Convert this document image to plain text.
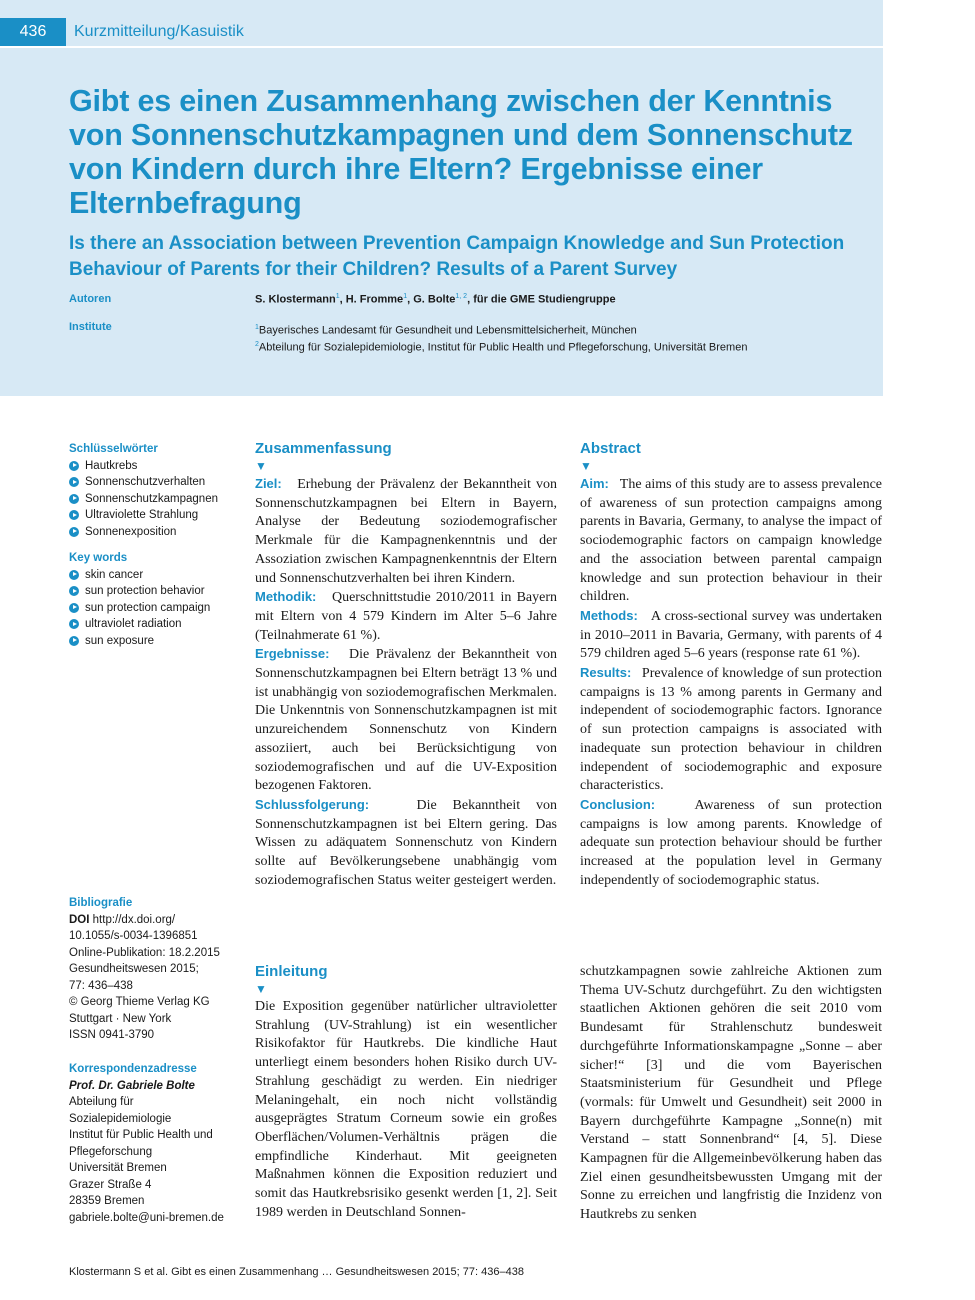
436	Kurzmitteilung/Kasuistik
Gibt es einen Zusammenhang zwischen der Kenntnis von Sonnenschutzkampagnen und dem Sonnenschutz von Kindern durch ihre Eltern? Ergebnisse einer Elternbefragung
Is there an Association between Prevention Campaign Knowledge and Sun Protection Behaviour of Parents for their Children? Results of a Parent Survey
Autoren	S. Klostermann$^1$, H. Fromme$^1$, G. Bolte$^{1, 2}$, für die GME Studiengruppe
Institute	$^1$Bayerisches Landesamt für Gesundheit und Lebensmittelsicherheit, München
$^2$Abteilung für Sozialepidemiologie, Institut für Public Health und Pflegeforschung, Universität Bremen

Schlüsselwörter

Hautkrebs
Sonnenschutzverhalten
Sonnenschutzkampagnen
Ultraviolette Strahlung
Sonnenexposition

Key words

skin cancer
sun protection behavior
sun protection campaign
ultraviolet radiation
sun exposure
Bibliografie
DOI http://dx.doi.org/
10.1055/s-0034-1396851
Online-Publikation: 18.2.2015
Gesundheitswesen 2015;
77: 436–438
© Georg Thieme Verlag KG
Stuttgart · New York
ISSN 0941-3790
Korrespondenzadresse
Prof. Dr. Gabriele Bolte
Abteilung für
Sozialepidemiologie
Institut für Public Health und
Pflegeforschung
Universität Bremen
Grazer Straße 4
28359 Bremen
gabriele.bolte@uni-bremen.de
Zusammenfassung
▼

Ziel: Erhebung der Prävalenz der Bekanntheit von Sonnenschutzkampagnen bei Eltern in Bayern, Analyse der Bedeutung soziodemografischer Merkmale für die Kampagnenkenntnis und der Assoziation zwischen Kampagnenkenntnis der Eltern und Sonnenschutzverhalten bei ihren Kindern.

Methodik: Querschnittstudie 2010/2011 in Bayern mit Eltern von 4 579 Kindern im Alter 5–6 Jahre (Teilnahmerate 61 %).

Ergebnisse: Die Prävalenz der Bekanntheit von Sonnenschutzkampagnen bei Eltern beträgt 13 % und ist unabhängig von soziodemografischen Merkmalen. Die Unkenntnis von Sonnenschutzkampagnen ist mit unzureichendem Sonnenschutz von Kindern assoziiert, auch bei Berücksichtigung von soziodemografischen und auf die UV-Exposition bezogenen Faktoren.

Schlussfolgerung:	Die Bekanntheit von Sonnenschutzkampagnen ist bei Eltern gering. Das Wissen zu adäquatem Sonnenschutz von Kindern sollte auf Bevölkerungsebene unabhängig vom soziodemografischen Status weiter gesteigert werden.

Abstract
▼

Aim: The aims of this study are to assess prevalence of awareness of sun protection campaigns among parents in Bavaria, Germany, to analyse the impact of sociodemographic factors on campaign knowledge and the association between parental campaign knowledge and sun protection behaviour in their children.

Methods: A cross-sectional survey was undertaken in 2010–2011 in Bavaria, Germany, with parents of 4 579 children aged 5–6 years (response rate 61 %).

Results: Prevalence of knowledge of sun protection campaigns is 13 % among parents in Germany and independent of sociodemographic factors. Ignorance of sun protection campaigns is associated with inadequate sun protection behaviour in children independent of sociodemographic and exposure characteristics.

Conclusion:	Awareness of sun protection campaigns is low among parents. Knowledge of adequate sun protection behaviour should be further increased at the population level in Germany independently of sociodemographic status.

Einleitung
▼

Die Exposition gegenüber natürlicher ultravioletter Strahlung (UV-Strahlung) ist ein wesentlicher Risikofaktor für Hautkrebs. Die kindliche Haut unterliegt einem besonders hohen Risiko durch UV-Strahlung geschädigt zu werden. Ein niedriger Melaningehalt, ein noch nicht vollständig ausgeprägtes Stratum Corneum sowie ein großes Oberflächen/Volumen-Verhältnis prägen die empfindliche Kinderhaut. Mit geeigneten Maßnahmen können die Exposition reduziert und somit das Hautkrebsrisiko gesenkt werden [1, 2]. Seit 1989 werden in Deutschland Sonnen-

schutzkampagnen sowie zahlreiche Aktionen zum Thema UV-Schutz durchgeführt. Zu den wichtigsten staatlichen Aktionen gehören die seit 2010 vom Bundesamt für Strahlenschutz bundesweit durchgeführte Informationskampagne „Sonne – aber sicher!“ [3] und die vom Bayerischen Staatsministerium für Gesundheit und Pflege (vormals: für Umwelt und Gesundheit) seit 2000 in Bayern durchgeführte Kampagne „Sonne(n) mit Verstand – statt Sonnenbrand“ [4, 5]. Diese Kampagnen für die Allgemeinbevölkerung haben das Ziel einen gesundheitsbewussten Umgang mit der Sonne zu erreichen und langfristig die Inzidenz von Hautkrebs zu senken

Klostermann S et al. Gibt es einen Zusammenhang … Gesundheitswesen 2015; 77: 436–438
